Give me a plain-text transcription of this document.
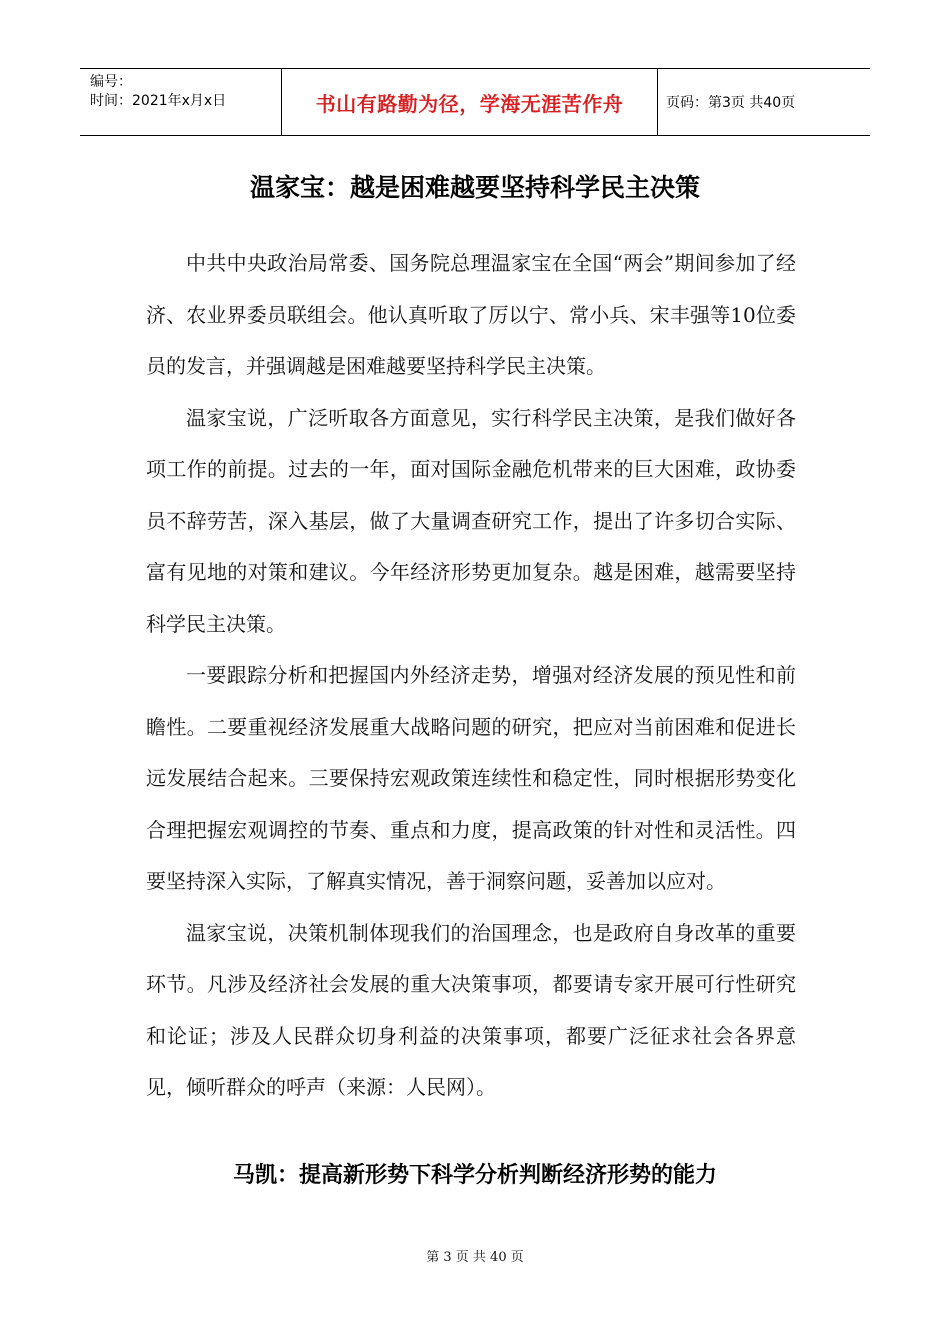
编号：
时间：2021年x月x日	书山有路勤为径，学海无涯苦作舟	页码：第3页 共40页
温家宝：越是困难越要坚持科学民主决策

中共中央政治局常委、国务院总理温家宝在全国“两会”期间参加了经济、农业界委员联组会。他认真听取了厉以宁、常小兵、宋丰强等10位委员的发言，并强调越是困难越要坚持科学民主决策。

温家宝说，广泛听取各方面意见，实行科学民主决策，是我们做好各项工作的前提。过去的一年，面对国际金融危机带来的巨大困难，政协委员不辞劳苦，深入基层，做了大量调查研究工作，提出了许多切合实际、富有见地的对策和建议。今年经济形势更加复杂。越是困难，越需要坚持科学民主决策。

一要跟踪分析和把握国内外经济走势，增强对经济发展的预见性和前瞻性。二要重视经济发展重大战略问题的研究，把应对当前困难和促进长远发展结合起来。三要保持宏观政策连续性和稳定性，同时根据形势变化合理把握宏观调控的节奏、重点和力度，提高政策的针对性和灵活性。四要坚持深入实际，了解真实情况，善于洞察问题，妥善加以应对。

温家宝说，决策机制体现我们的治国理念，也是政府自身改革的重要环节。凡涉及经济社会发展的重大决策事项，都要请专家开展可行性研究和论证；涉及人民群众切身利益的决策事项，都要广泛征求社会各界意见，倾听群众的呼声（来源：人民网）。

马凯：提高新形势下科学分析判断经济形势的能力
第 3 页 共 40 页
